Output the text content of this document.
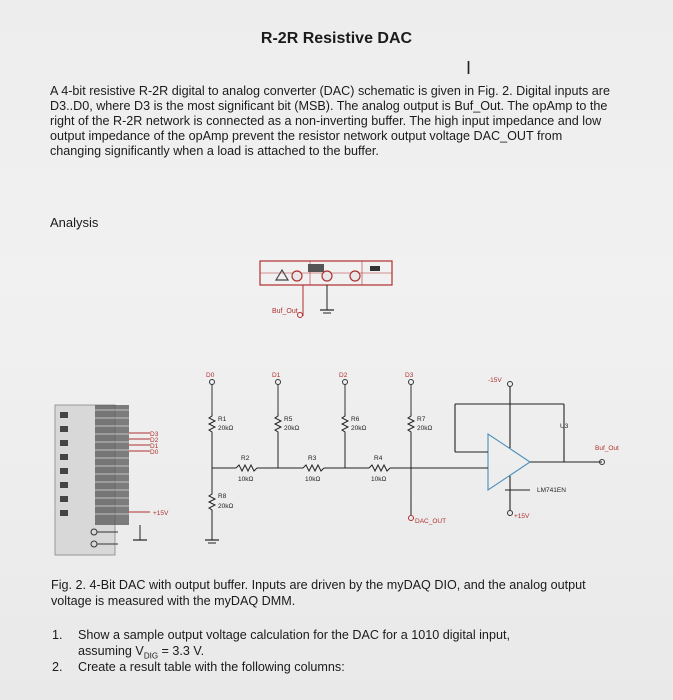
R-2R Resistive DAC
I
A 4-bit resistive R-2R digital to analog converter (DAC) schematic is given in Fig. 2. Digital inputs are D3..D0, where D3 is the most significant bit (MSB). The analog output is Buf_Out. The opAmp to the right of the R-2R network is connected as a non-inverting buffer. The high input impedance and low output impedance of the opAmp prevent the resistor network output voltage DAC_OUT from changing significantly when a load is attached to the buffer.
Analysis
Buf_Out
D3
D2
D1
D0
+15V
D0	D1	D2	D3
R1
20kΩ
R5
20kΩ
R6
20kΩ
R7
20kΩ
R2
10kΩ
R3
10kΩ
R4
10kΩ
R8
20kΩ
DAC_OUT
-15V
+15V
U3
LM741EN
Buf_Out
Fig. 2. 4-Bit DAC with output buffer. Inputs are driven by the myDAQ DIO, and the analog output voltage is measured with the myDAQ DMM.
1. Show a sample output voltage calculation for the DAC for a 1010 digital input,
assuming $V_{DIG} = 3.3$ V.
2. Create a result table with the following columns:
